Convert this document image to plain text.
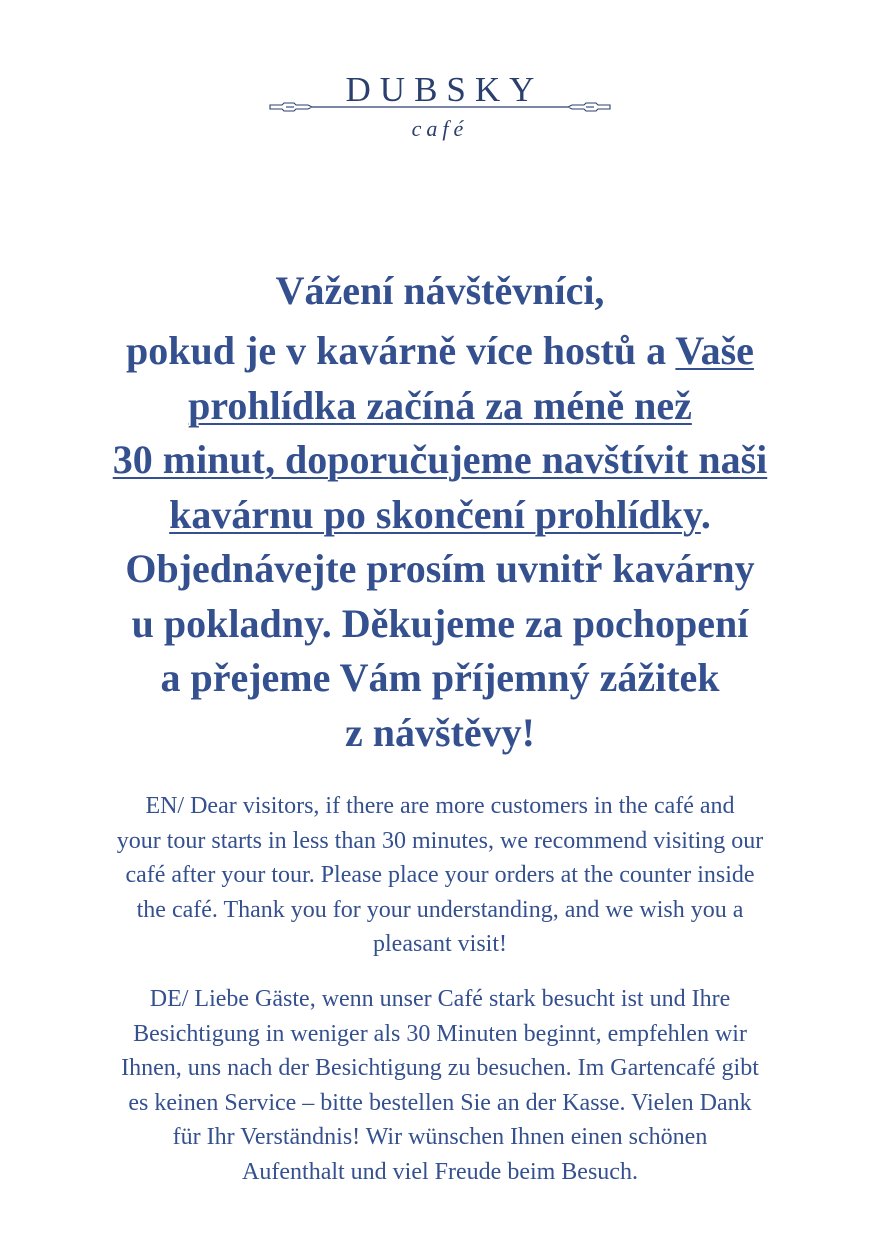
DUBSKY
café
Vážení návštěvníci,
pokud je v kavárně více hostů a Vaše
prohlídka začíná za méně než
30 minut, doporučujeme navštívit naši
kavárnu po skončení prohlídky.
Objednávejte prosím uvnitř kavárny
u pokladny. Děkujeme za pochopení
a přejeme Vám příjemný zážitek
z návštěvy!
EN/ Dear visitors, if there are more customers in the café and
your tour starts in less than 30 minutes, we recommend visiting our
café after your tour. Please place your orders at the counter inside
the café. Thank you for your understanding, and we wish you a
pleasant visit!
DE/ Liebe Gäste, wenn unser Café stark besucht ist und Ihre
Besichtigung in weniger als 30 Minuten beginnt, empfehlen wir
Ihnen, uns nach der Besichtigung zu besuchen. Im Gartencafé gibt
es keinen Service – bitte bestellen Sie an der Kasse. Vielen Dank
für Ihr Verständnis! Wir wünschen Ihnen einen schönen
Aufenthalt und viel Freude beim Besuch.
